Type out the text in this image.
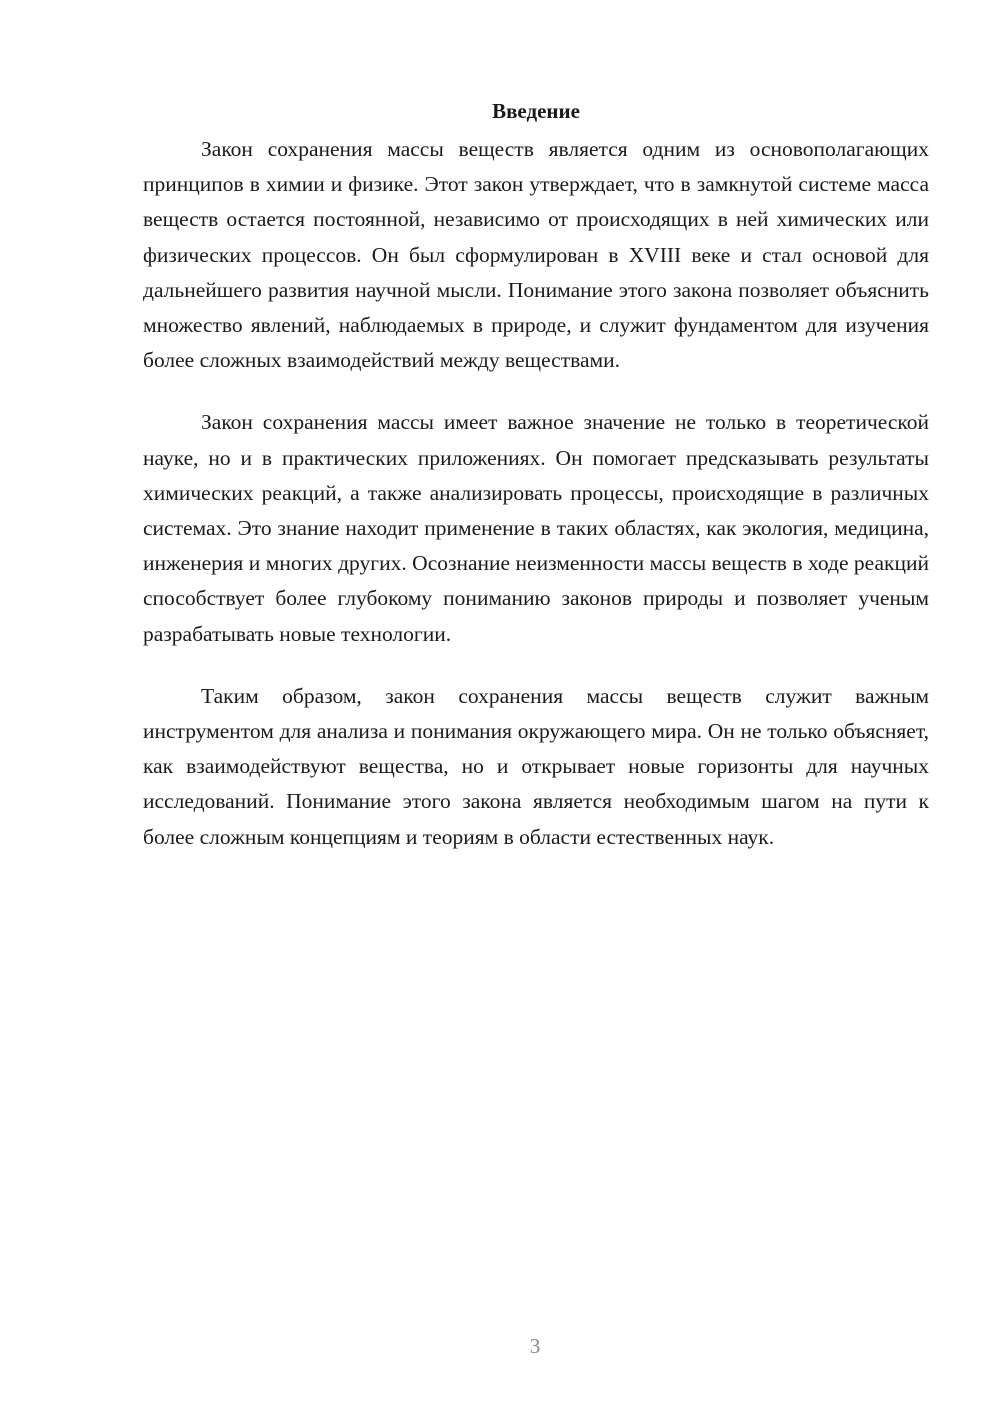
Введение

Закон сохранения массы веществ является одним из основополагающих принципов в химии и физике. Этот закон утверждает, что в замкнутой системе масса веществ остается постоянной, независимо от происходящих в ней химических или физических процессов. Он был сформулирован в XVIII веке и стал основой для дальнейшего развития научной мысли. Понимание этого закона позволяет объяснить множество явлений, наблюдаемых в природе, и служит фундаментом для изучения более сложных взаимодействий между веществами.

Закон сохранения массы имеет важное значение не только в теоретической науке, но и в практических приложениях. Он помогает предсказывать результаты химических реакций, а также анализировать процессы, происходящие в различных системах. Это знание находит применение в таких областях, как экология, медицина, инженерия и многих других. Осознание неизменности массы веществ в ходе реакций способствует более глубокому пониманию законов природы и позволяет ученым разрабатывать новые технологии.

Таким образом, закон сохранения массы веществ служит важным инструментом для анализа и понимания окружающего мира. Он не только объясняет, как взаимодействуют вещества, но и открывает новые горизонты для научных исследований. Понимание этого закона является необходимым шагом на пути к более сложным концепциям и теориям в области естественных наук.

3
